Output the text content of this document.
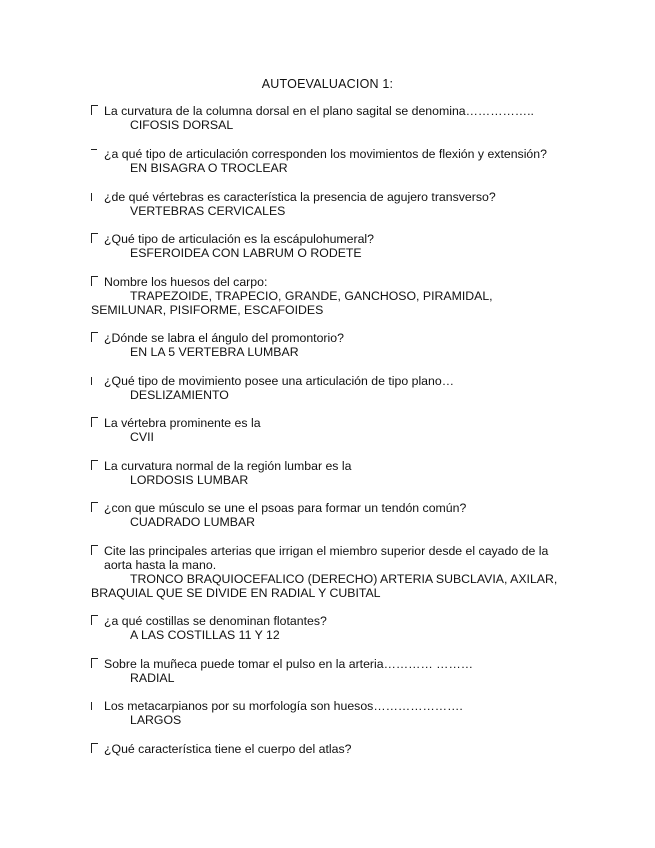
AUTOEVALUACION 1:
La curvatura de la columna dorsal en el plano sagital se denomina……………..
CIFOSIS DORSAL
¿a qué tipo de articulación corresponden los movimientos de flexión y extensión?
EN BISAGRA O TROCLEAR
¿de qué vértebras es característica la presencia de agujero transverso?
VERTEBRAS CERVICALES
¿Qué tipo de articulación es la escápulohumeral?
ESFEROIDEA CON LABRUM O RODETE
Nombre los huesos del carpo:
TRAPEZOIDE, TRAPECIO, GRANDE, GANCHOSO, PIRAMIDAL, SEMILUNAR, PISIFORME, ESCAFOIDES
¿Dónde se labra el ángulo del promontorio?
EN LA 5 VERTEBRA LUMBAR
¿Qué tipo de movimiento posee una articulación de tipo plano…
DESLIZAMIENTO
La vértebra prominente es la
CVII
La curvatura normal de la región lumbar es la
LORDOSIS LUMBAR
¿con que músculo se une el psoas para formar un tendón común?
CUADRADO LUMBAR
Cite las principales arterias que irrigan el miembro superior desde el cayado de la aorta hasta la mano.
TRONCO BRAQUIOCEFALICO (DERECHO) ARTERIA SUBCLAVIA, AXILAR, BRAQUIAL QUE SE DIVIDE EN RADIAL Y CUBITAL
¿a qué costillas se denominan flotantes?
A LAS COSTILLAS 11 Y 12
Sobre la muñeca puede tomar el pulso en la arteria………… ………
RADIAL
Los metacarpianos por su morfología son huesos………………….
LARGOS
¿Qué característica tiene el cuerpo del atlas?
